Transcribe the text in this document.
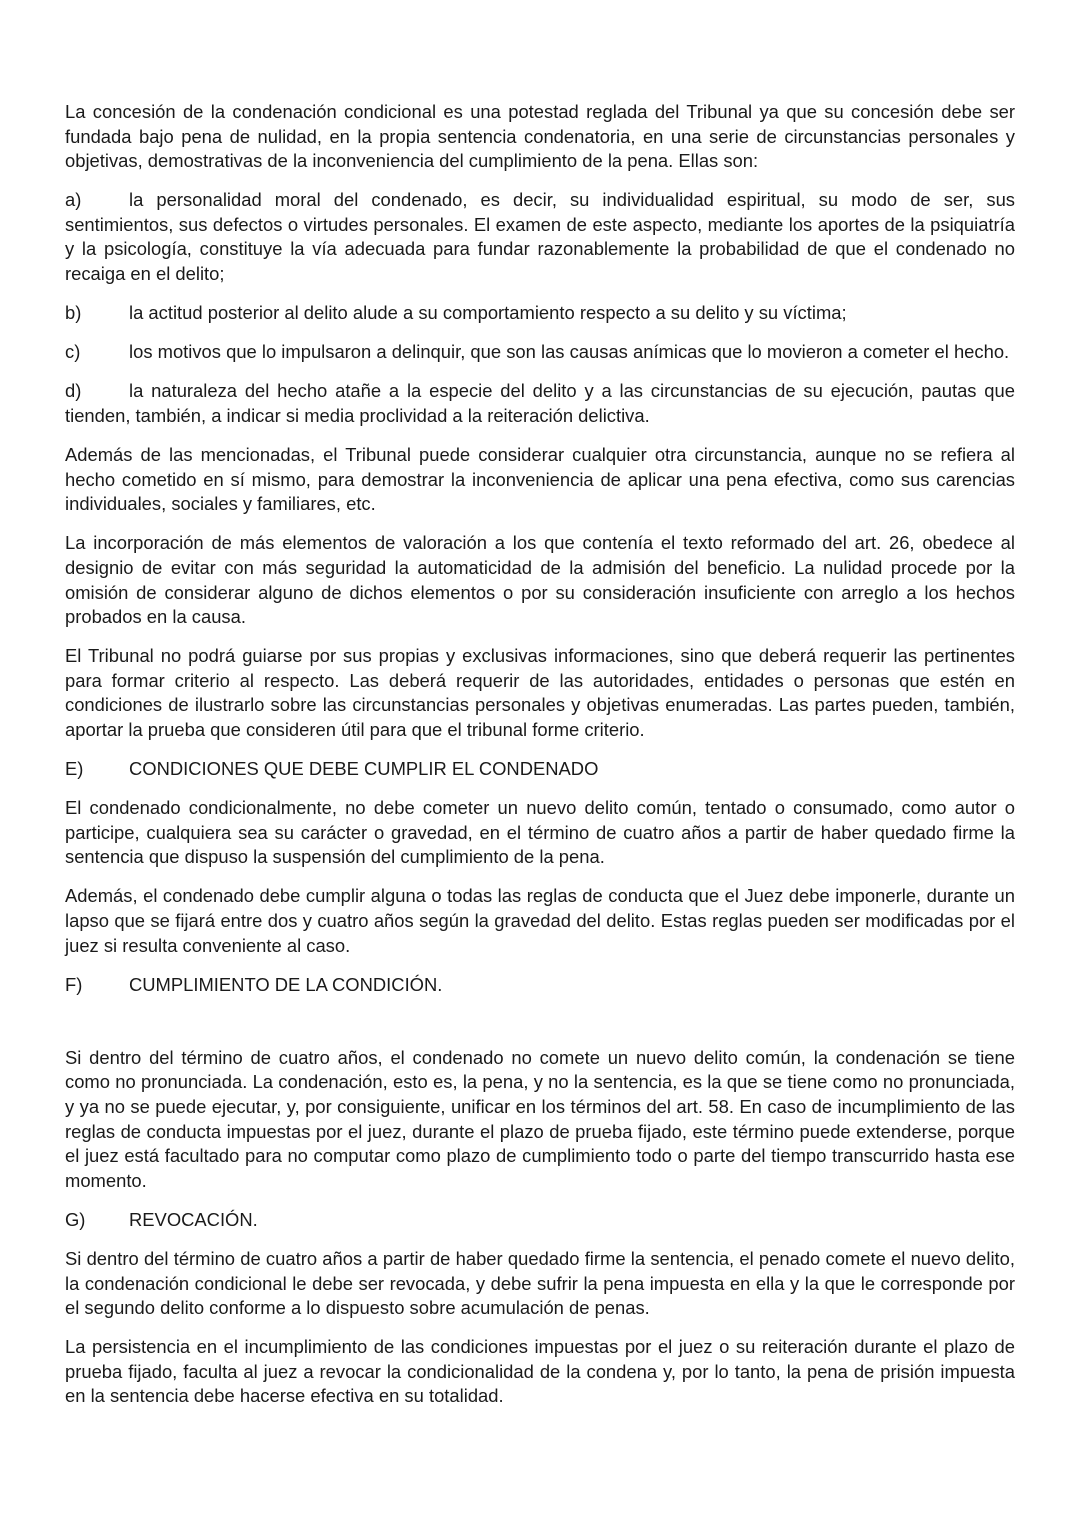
La concesión de la condenación condicional es una potestad reglada del Tribunal ya que su concesión debe ser fundada bajo pena de nulidad, en la propia sentencia condenatoria, en una serie de circunstancias personales y objetivas, demostrativas de la inconveniencia del cumplimiento de la pena. Ellas son:

a)	la personalidad moral del condenado, es decir, su individualidad espiritual, su modo de ser, sus sentimientos, sus defectos o virtudes personales. El examen de este aspecto, mediante los aportes de la psiquiatría y la psicología, constituye la vía adecuada para fundar razonablemente la probabilidad de que el condenado no recaiga en el delito;

b)	la actitud posterior al delito alude a su comportamiento respecto a su delito y su víctima;

c)	los motivos que lo impulsaron a delinquir, que son las causas anímicas que lo movieron a cometer el hecho.

d)	la naturaleza del hecho atañe a la especie del delito y a las circunstancias de su ejecución, pautas que tienden, también, a indicar si media proclividad a la reiteración delictiva.

Además de las mencionadas, el Tribunal puede considerar cualquier otra circunstancia, aunque no se refiera al hecho cometido en sí mismo, para demostrar la inconveniencia de aplicar una pena efectiva, como sus carencias individuales, sociales y familiares, etc.

La incorporación de más elementos de valoración a los que contenía el texto reformado del art. 26, obedece al designio de evitar con más seguridad la automaticidad de la admisión del beneficio. La nulidad procede por la omisión de considerar alguno de dichos elementos o por su consideración insuficiente con arreglo a los hechos probados en la causa.

El Tribunal no podrá guiarse por sus propias y exclusivas informaciones, sino que deberá requerir las pertinentes para formar criterio al respecto. Las deberá requerir de las autoridades, entidades o personas que estén en condiciones de ilustrarlo sobre las circunstancias personales y objetivas enumeradas. Las partes pueden, también, aportar la prueba que consideren útil para que el tribunal forme criterio.

E) CONDICIONES QUE DEBE CUMPLIR EL CONDENADO

El condenado condicionalmente, no debe cometer un nuevo delito común, tentado o consumado, como autor o participe, cualquiera sea su carácter o gravedad, en el término de cuatro años a partir de haber quedado firme la sentencia que dispuso la suspensión del cumplimiento de la pena.

Además, el condenado debe cumplir alguna o todas las reglas de conducta que el Juez debe imponerle, durante un lapso que se fijará entre dos y cuatro años según la gravedad del delito. Estas reglas pueden ser modificadas por el juez si resulta conveniente al caso.

F)	CUMPLIMIENTO DE LA CONDICIÓN.

Si dentro del término de cuatro años, el condenado no comete un nuevo delito común, la condenación se tiene como no pronunciada. La condenación, esto es, la pena, y no la sentencia, es la que se tiene como no pronunciada, y ya no se puede ejecutar, y, por consiguiente, unificar en los términos del art. 58. En caso de incumplimiento de las reglas de conducta impuestas por el juez, durante el plazo de prueba fijado, este término puede extenderse, porque el juez está facultado para no computar como plazo de cumplimiento todo o parte del tiempo transcurrido hasta ese momento.

G) REVOCACIÓN.

Si dentro del término de cuatro años a partir de haber quedado firme la sentencia, el penado comete el nuevo delito, la condenación condicional le debe ser revocada, y debe sufrir la pena impuesta en ella y la que le corresponde por el segundo delito conforme a lo dispuesto sobre acumulación de penas.

La persistencia en el incumplimiento de las condiciones impuestas por el juez o su reiteración durante el plazo de prueba fijado, faculta al juez a revocar la condicionalidad de la condena y, por lo tanto, la pena de prisión impuesta en la sentencia debe hacerse efectiva en su totalidad.
